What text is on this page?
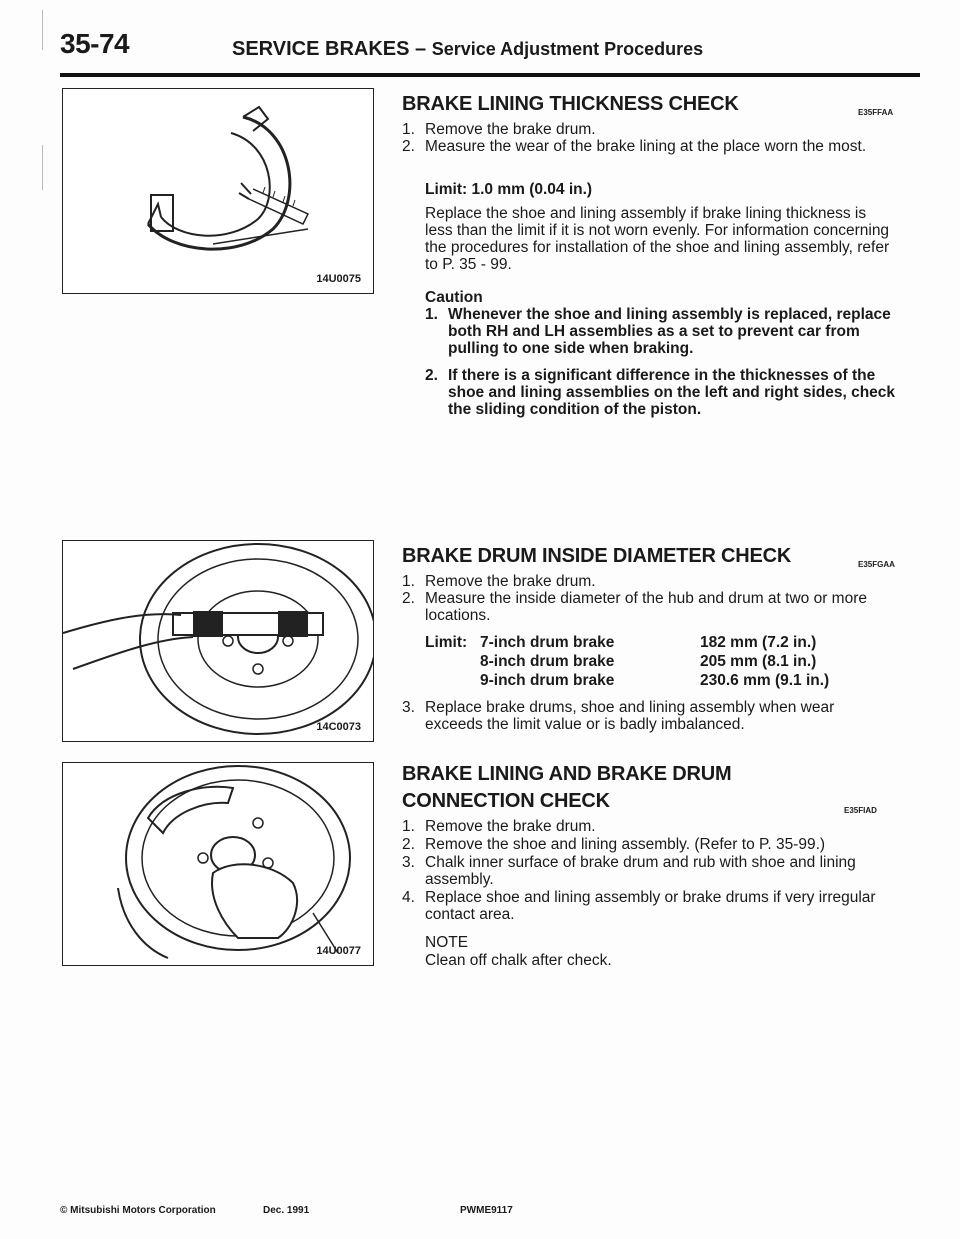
35-74	SERVICE BRAKES – Service Adjustment Procedures
14U0075
14C0073
14U0077
BRAKE LINING THICKNESS CHECK	E35FFAA
1. Remove the brake drum.
2. Measure the wear of the brake lining at the place worn the most.
Limit: 1.0 mm (0.04 in.)
Replace the shoe and lining assembly if brake lining thickness is less than the limit if it is not worn evenly. For information concerning the procedures for installation of the shoe and lining assembly, refer to P. 35 - 99.
Caution
1. Whenever the shoe and lining assembly is replaced, replace both RH and LH assemblies as a set to prevent car from pulling to one side when braking.
2. If there is a significant difference in the thicknesses of the shoe and lining assemblies on the left and right sides, check the sliding condition of the piston.
BRAKE DRUM INSIDE DIAMETER CHECK	E35FGAA
1. Remove the brake drum.
2. Measure the inside diameter of the hub and drum at two or more locations.
Limit: 7-inch drum brake	182 mm (7.2 in.)
8-inch drum brake	205 mm (8.1 in.)
9-inch drum brake	230.6 mm (9.1 in.)
3. Replace brake drums, shoe and lining assembly when wear exceeds the limit value or is badly imbalanced.
BRAKE LINING AND BRAKE DRUM
CONNECTION CHECK	E35FIAD
1. Remove the brake drum.
2. Remove the shoe and lining assembly. (Refer to P. 35-99.)
3. Chalk inner surface of brake drum and rub with shoe and lining assembly.
4. Replace shoe and lining assembly or brake drums if very irregular contact area.
NOTE
Clean off chalk after check.
© Mitsubishi Motors Corporation	Dec. 1991	PWME9117
